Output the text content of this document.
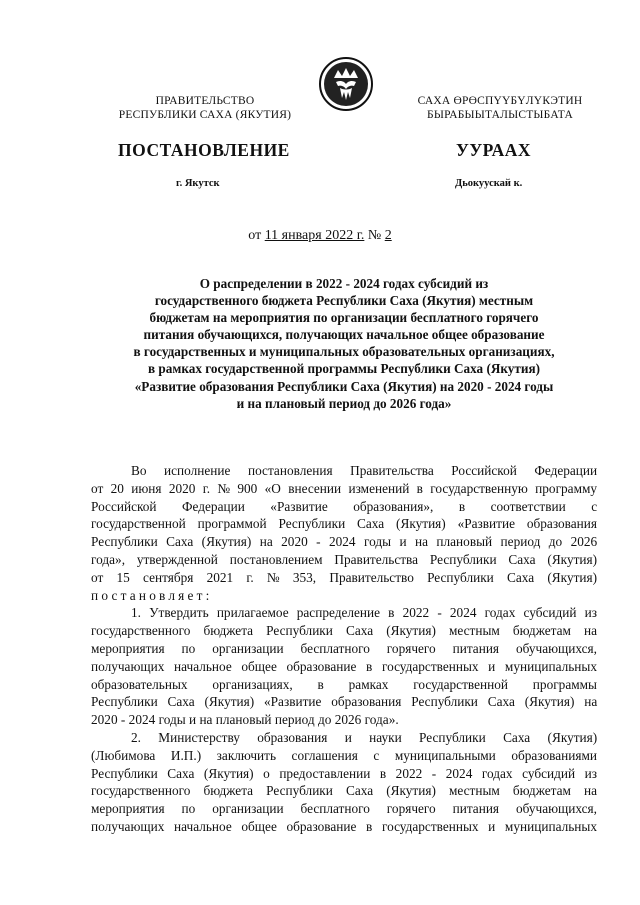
ПРАВИТЕЛЬСТВО
РЕСПУБЛИКИ САХА (ЯКУТИЯ)
САХА ӨРӨСПҮҮБҮЛҮКЭТИН
БЫРАБЫЫТАЛЫСТЫБАТА
ПОСТАНОВЛЕНИЕ	УУРААХ
г. Якутск	Дьокуускай к.
от 11 января 2022 г. № 2
О распределении в 2022 - 2024 годах субсидий из
государственного бюджета Республики Саха (Якутия) местным
бюджетам на мероприятия по организации бесплатного горячего
питания обучающихся, получающих начальное общее образование
в государственных и муниципальных образовательных организациях,
в рамках государственной программы Республики Саха (Якутия)
«Развитие образования Республики Саха (Якутия) на 2020 - 2024 годы
и на плановый период до 2026 года»
Во исполнение постановления Правительства Российской Федерации
от 20 июня 2020 г. № 900 «О внесении изменений в государственную программу
Российской Федерации «Развитие образования», в соответствии с
государственной программой Республики Саха (Якутия) «Развитие образования
Республики Саха (Якутия) на 2020 - 2024 годы и на плановый период до 2026
года», утвержденной постановлением Правительства Республики Саха (Якутия)
от 15 сентября 2021 г. № 353, Правительство Республики Саха (Якутия)
постановляет:
1. Утвердить прилагаемое распределение в 2022 - 2024 годах субсидий из
государственного бюджета Республики Саха (Якутия) местным бюджетам на
мероприятия по организации бесплатного горячего питания обучающихся,
получающих начальное общее образование в государственных и муниципальных
образовательных организациях, в рамках государственной программы
Республики Саха (Якутия) «Развитие образования Республики Саха (Якутия) на
2020 - 2024 годы и на плановый период до 2026 года».
2. Министерству образования и науки Республики Саха (Якутия)
(Любимова И.П.) заключить соглашения с муниципальными образованиями
Республики Саха (Якутия) о предоставлении в 2022 - 2024 годах субсидий из
государственного бюджета Республики Саха (Якутия) местным бюджетам на
мероприятия по организации бесплатного горячего питания обучающихся,
получающих начальное общее образование в государственных и муниципальных
